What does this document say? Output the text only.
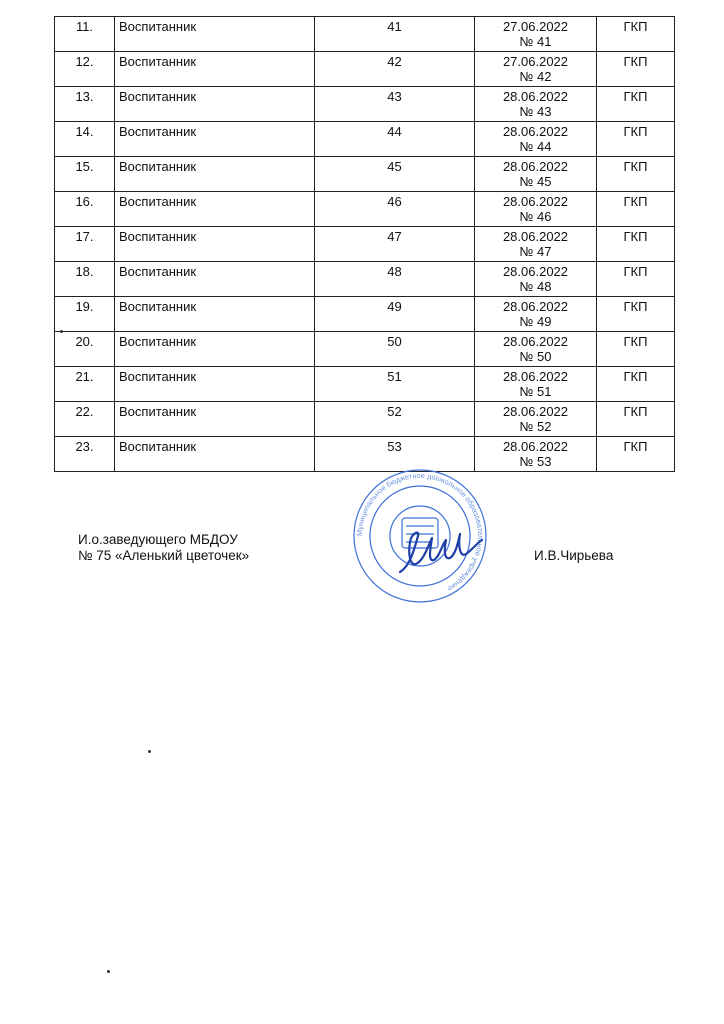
11.	Воспитанник	41	27.06.2022
№ 41	ГКП
12.	Воспитанник	42	27.06.2022
№ 42	ГКП
13.	Воспитанник	43	28.06.2022
№ 43	ГКП
14.	Воспитанник	44	28.06.2022
№ 44	ГКП
15.	Воспитанник	45	28.06.2022
№ 45	ГКП
16.	Воспитанник	46	28.06.2022
№ 46	ГКП
17.	Воспитанник	47	28.06.2022
№ 47	ГКП
18.	Воспитанник	48	28.06.2022
№ 48	ГКП
19.	Воспитанник	49	28.06.2022
№ 49	ГКП
20.	Воспитанник	50	28.06.2022
№ 50	ГКП
21.	Воспитанник	51	28.06.2022
№ 51	ГКП
22.	Воспитанник	52	28.06.2022
№ 52	ГКП
23.	Воспитанник	53	28.06.2022
№ 53	ГКП
Муниципальное бюджетное дошкольное образовательное учреждение
И.о.заведующего МБДОУ
№ 75 «Аленький цветочек»	И.В.Чирьева
